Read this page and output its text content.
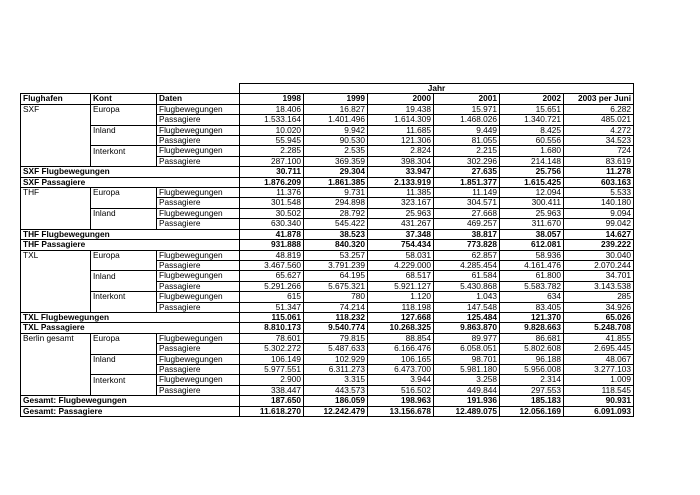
			Jahr					
Flughafen	Kont	Daten	1998	1999	2000	2001	2002	2003 per Juni
SXF	Europa	Flugbewegungen	18.406	16.827	19.438	15.971	15.651	6.282
		Passagiere	1.533.164	1.401.496	1.614.309	1.468.026	1.340.721	485.021
	Inland	Flugbewegungen	10.020	9.942	11.685	9.449	8.425	4.272
		Passagiere	55.945	90.530	121.306	81.055	60.556	34.523
	Interkont	Flugbewegungen	2.285	2.535	2.824	2.215	1.680	724
		Passagiere	287.100	369.359	398.304	302.296	214.148	83.619
SXF Flugbewegungen			30.711	29.304	33.947	27.635	25.756	11.278
SXF Passagiere			1.876.209	1.861.385	2.133.919	1.851.377	1.615.425	603.163
THF	Europa	Flugbewegungen	11.376	9.731	11.385	11.149	12.094	5.533
		Passagiere	301.548	294.898	323.167	304.571	300.411	140.180
	Inland	Flugbewegungen	30.502	28.792	25.963	27.668	25.963	9.094
		Passagiere	630.340	545.422	431.267	469.257	311.670	99.042
THF Flugbewegungen			41.878	38.523	37.348	38.817	38.057	14.627
THF Passagiere			931.888	840.320	754.434	773.828	612.081	239.222
TXL	Europa	Flugbewegungen	48.819	53.257	58.031	62.857	58.936	30.040
		Passagiere	3.467.560	3.791.239	4.229.000	4.285.454	4.161.476	2.070.244
	Inland	Flugbewegungen	65.627	64.195	68.517	61.584	61.800	34.701
		Passagiere	5.291.266	5.675.321	5.921.127	5.430.868	5.583.782	3.143.538
	Interkont	Flugbewegungen	615	780	1.120	1.043	634	285
		Passagiere	51.347	74.214	118.198	147.548	83.405	34.926
TXL Flugbewegungen			115.061	118.232	127.668	125.484	121.370	65.026
TXL Passagiere			8.810.173	9.540.774	10.268.325	9.863.870	9.828.663	5.248.708
Berlin gesamt	Europa	Flugbewegungen	78.601	79.815	88.854	89.977	86.681	41.855
		Passagiere	5.302.272	5.487.633	6.166.476	6.058.051	5.802.608	2.695.445
	Inland	Flugbewegungen	106.149	102.929	106.165	98.701	96.188	48.067
		Passagiere	5.977.551	6.311.273	6.473.700	5.981.180	5.956.008	3.277.103
	Interkont	Flugbewegungen	2.900	3.315	3.944	3.258	2.314	1.009
		Passagiere	338.447	443.573	516.502	449.844	297.553	118.545
Gesamt: Flugbewegungen			187.650	186.059	198.963	191.936	185.183	90.931
Gesamt: Passagiere			11.618.270	12.242.479	13.156.678	12.489.075	12.056.169	6.091.093
